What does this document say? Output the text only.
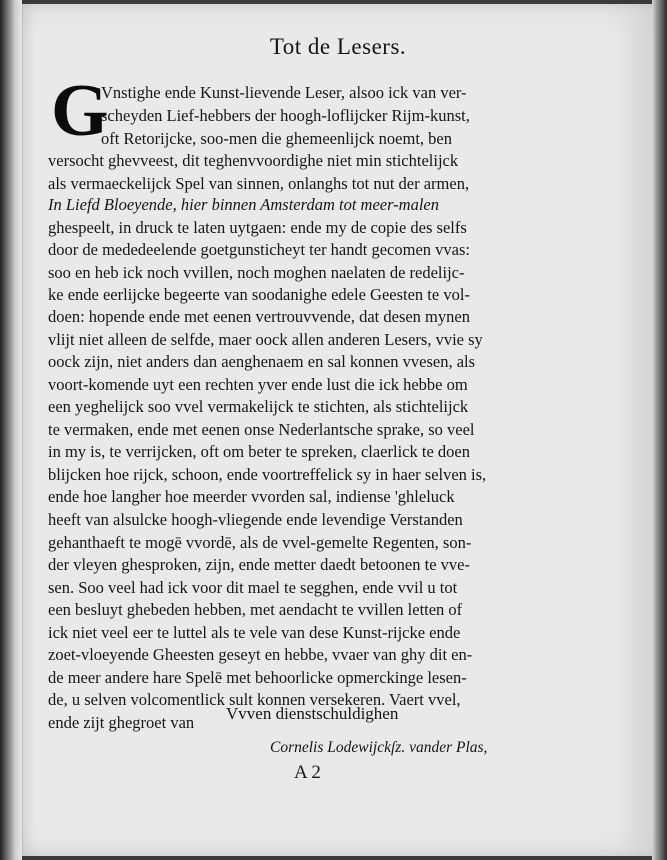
Tot de Lesers.
G
Vnstighe ende Kunst-lievende Leser, alsoo ick van ver-
scheyden Lief-hebbers der hoogh-loflijcker Rijm-kunst,
oft Retorijcke, soo-men die ghemeenlijck noemt, ben
versocht ghevveest, dit teghenvvoordighe niet min stichtelijck
als vermaeckelijck Spel van sinnen, onlanghs tot nut der armen,
In Liefd Bloeyende, hier binnen Amsterdam tot meer-malen
ghespeelt, in druck te laten uytgaen: ende my de copie des selfs
door de mededeelende goetgunsticheyt ter handt gecomen vvas:
soo en heb ick noch vvillen, noch moghen naelaten de redelijc-
ke ende eerlijcke begeerte van soodanighe edele Geesten te vol-
doen: hopende ende met eenen vertrouvvende, dat desen mynen
vlijt niet alleen de selfde, maer oock allen anderen Lesers, vvie sy
oock zijn, niet anders dan aenghenaem en sal konnen vvesen, als
voort-komende uyt een rechten yver ende lust die ick hebbe om
een yeghelijck soo vvel vermakelijck te stichten, als stichtelijck
te vermaken, ende met eenen onse Nederlantsche sprake, so veel
in my is, te verrijcken, oft om beter te spreken, claerlick te doen
blijcken hoe rijck, schoon, ende voortreffelick sy in haer selven is,
ende hoe langher hoe meerder vvorden sal, indiense 'ghleluck
heeft van alsulcke hoogh-vliegende ende levendige Verstanden
gehanthaeft te mogē vvordē, als de vvel-gemelte Regenten, son-
der vleyen ghesproken, zijn, ende metter daedt betoonen te vve-
sen. Soo veel had ick voor dit mael te segghen, ende vvil u tot
een besluyt ghebeden hebben, met aendacht te vvillen letten of
ick niet veel eer te luttel als te vele van dese Kunst-rijcke ende
zoet-vloeyende Gheesten geseyt en hebbe, vvaer van ghy dit en-
de meer andere hare Spelē met behoorlicke opmerckinge lesen-
de, u selven volcomentlick sult konnen versekeren. Vaert vvel,
ende zijt ghegroet van Vvven dienstschuldighen
Cornelis Lodewijckſz. vander Plas,
A 2
